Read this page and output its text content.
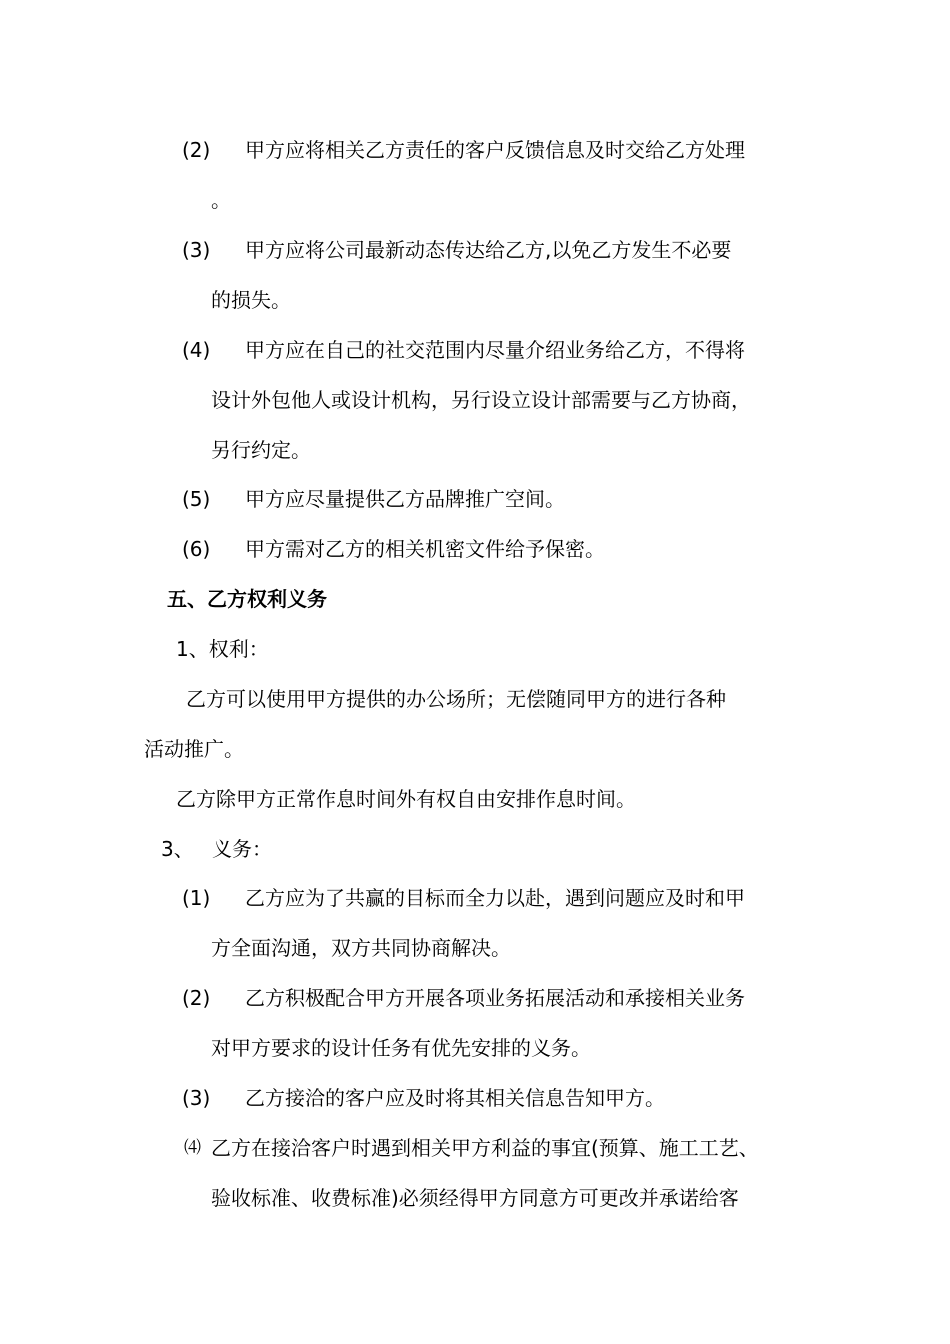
(2) 甲方应将相关乙方责任的客户反馈信息及时交给乙方处理
。
(3) 甲方应将公司最新动态传达给乙方,以免乙方发生不必要
的损失。
(4) 甲方应在自己的社交范围内尽量介绍业务给乙方，不得将
设计外包他人或设计机构，另行设立设计部需要与乙方协商，
另行约定。
(5) 甲方应尽量提供乙方品牌推广空间。
(6) 甲方需对乙方的相关机密文件给予保密。
五、乙方权利义务
1、权利：
乙方可以使用甲方提供的办公场所；无偿随同甲方的进行各种
活动推广。
乙方除甲方正常作息时间外有权自由安排作息时间。
3、 义务：
(1) 乙方应为了共赢的目标而全力以赴，遇到问题应及时和甲
方全面沟通，双方共同协商解决。
(2) 乙方积极配合甲方开展各项业务拓展活动和承接相关业务
对甲方要求的设计任务有优先安排的义务。
(3) 乙方接洽的客户应及时将其相关信息告知甲方。
⑷ 乙方在接洽客户时遇到相关甲方利益的事宜(预算、施工工艺、
验收标准、收费标准)必须经得甲方同意方可更改并承诺给客
